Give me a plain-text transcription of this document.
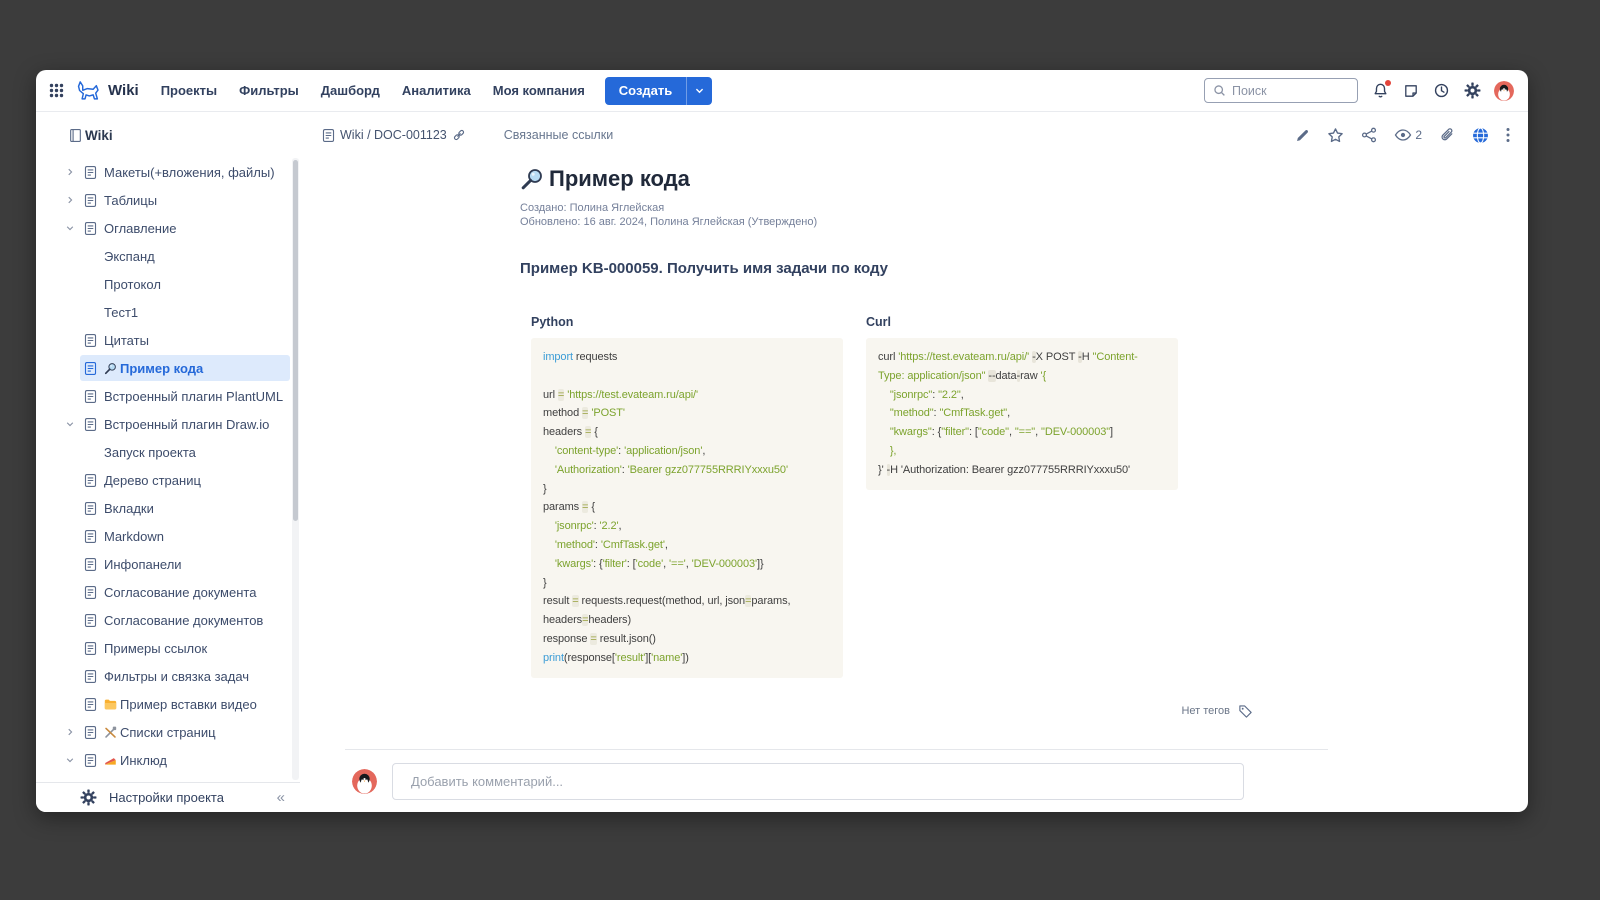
Wiki Проекты Фильтры Дашборд Аналитика Моя компания	Создать
Поиск
Wiki
Макеты(+вложения, файлы)
Таблицы
Оглавление
Экспанд
Протокол
Тест1
Цитаты
Пример кода
Встроенный плагин PlantUML
Встроенный плагин Draw.io
Запуск проекта
Дерево страниц
Вкладки
Markdown
Инфопанели
Согласование документа
Согласование документов
Примеры ссылок
Фильтры и связка задач
Пример вставки видео
Списки страниц
Инклюд
Настройки проекта	«
Wiki / DOC-001123	Связанные ссылки	2
Пример кода
Создано: Полина Яглейская
Обновлено: 16 авг. 2024, Полина Яглейская (Утверждено)
Пример KB-000059. Получить имя задачи по коду
Python
import requests
url = 'https://test.evateam.ru/api/'
method = 'POST'
headers = {
'content-type': 'application/json',
'Authorization': 'Bearer gzz077755RRRIYxxxu50'
}
params = {
'jsonrpc': '2.2',
'method': 'CmfTask.get',
'kwargs': {'filter': ['code', '==', 'DEV-000003']}
}
result = requests.request(method, url, json=params,
headers=headers)
response = result.json()
print(response['result']['name'])
Curl
curl 'https://test.evateam.ru/api/' -X POST -H "Content-
Type: application/json" --data-raw '{
"jsonrpc": "2.2",
"method": "CmfTask.get",
"kwargs": {"filter": ["code", "==", "DEV-000003"]
},
}' -H 'Authorization: Bearer gzz077755RRRIYxxxu50'
Нет тегов
Добавить комментарий...
